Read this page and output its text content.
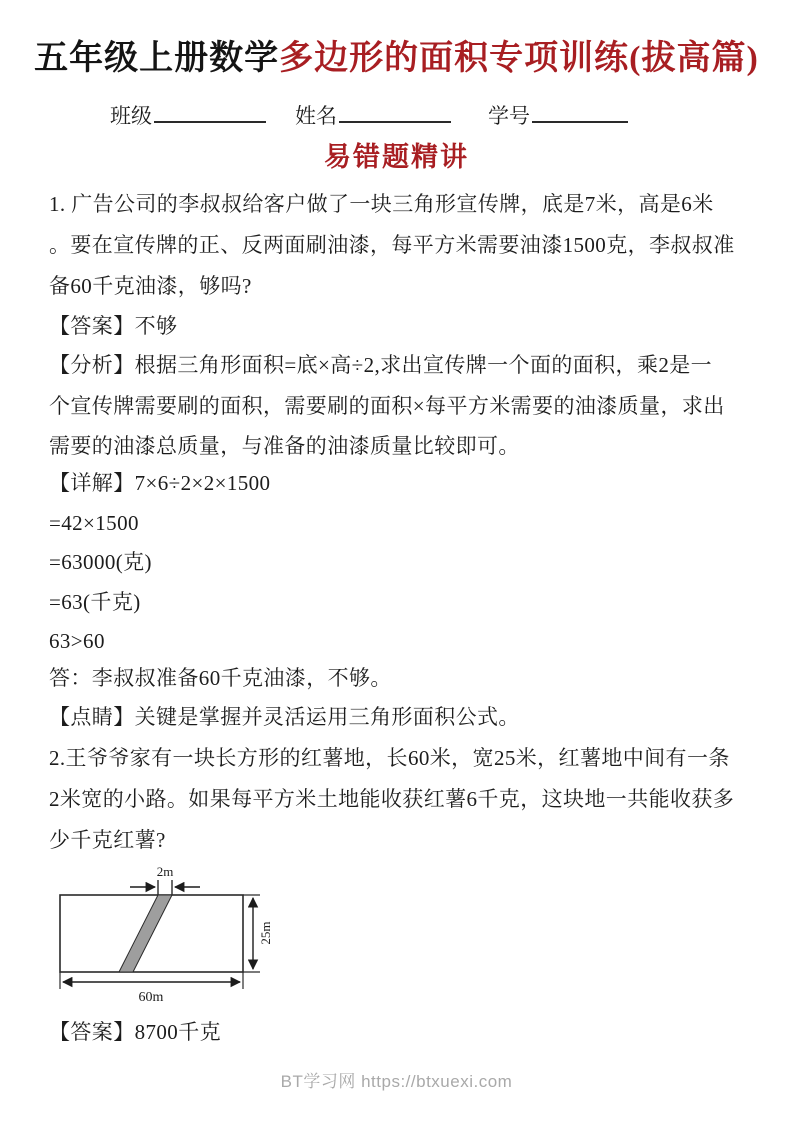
五年级上册数学多边形的面积专项训练(拔高篇)
班级	姓名	学号
易错题精讲
1. 广告公司的李叔叔给客户做了一块三角形宣传牌，底是7米，高是6米
。要在宣传牌的正、反两面刷油漆，每平方米需要油漆1500克，李叔叔准
备60千克油漆，够吗?
【答案】不够
【分析】根据三角形面积=底×高÷2,求出宣传牌一个面的面积，乘2是一
个宣传牌需要刷的面积，需要刷的面积×每平方米需要的油漆质量，求出
需要的油漆总质量，与准备的油漆质量比较即可。
【详解】7×6÷2×2×1500
=42×1500
=63000(克)
=63(千克)
63>60
答：李叔叔准备60千克油漆，不够。
【点睛】关键是掌握并灵活运用三角形面积公式。
2.王爷爷家有一块长方形的红薯地，长60米，宽25米，红薯地中间有一条
2米宽的小路。如果每平方米土地能收获红薯6千克，这块地一共能收获多
少千克红薯?
【答案】8700千克
2m
25m
60m
BT学习网 https://btxuexi.com
